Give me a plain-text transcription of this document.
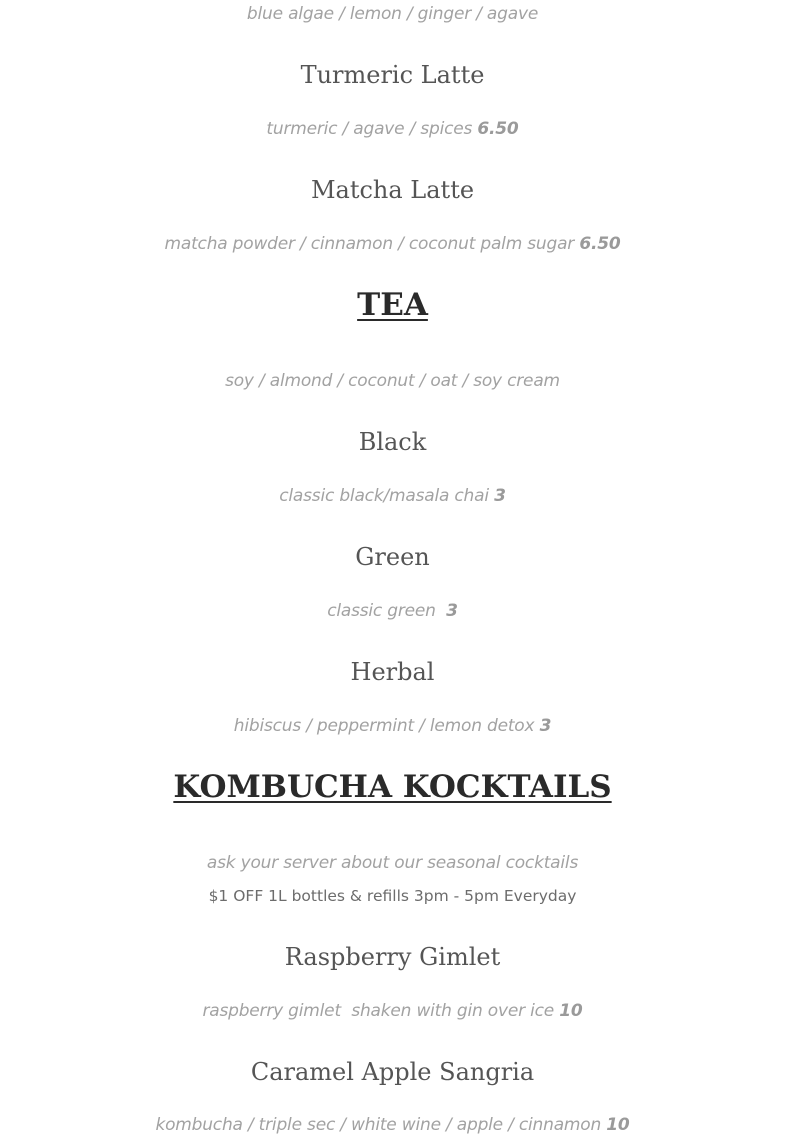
blue algae / lemon / ginger / agave
Turmeric Latte
turmeric / agave / spices 6.50
Matcha Latte
matcha powder / cinnamon / coconut palm sugar 6.50
TEA
soy / almond / coconut / oat / soy cream
Black
classic black/masala chai 3
Green
classic green 3
Herbal
hibiscus / peppermint / lemon detox 3
KOMBUCHA KOCKTAILS
ask your server about our seasonal cocktails
$1 OFF 1L bottles & refills 3pm - 5pm Everyday
Raspberry Gimlet
raspberry gimlet  shaken with gin over ice 10
Caramel Apple Sangria
kombucha / triple sec / white wine / apple / cinnamon 10
